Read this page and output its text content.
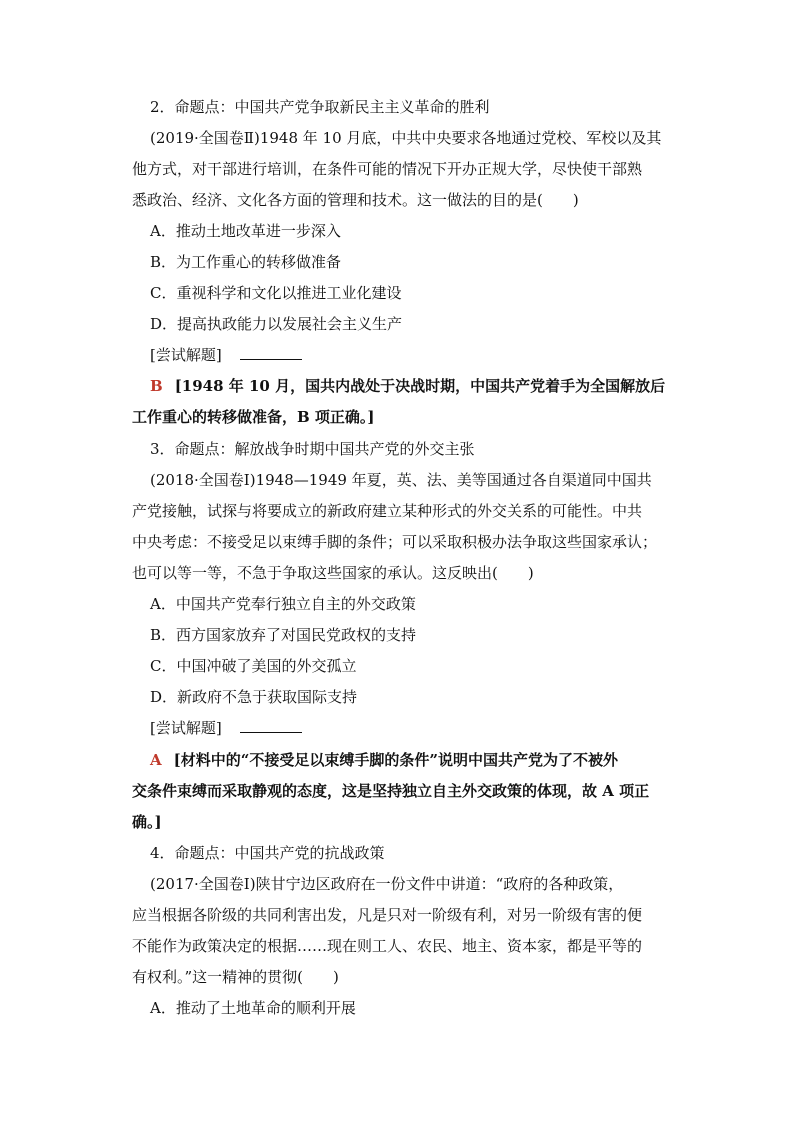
2．命题点：中国共产党争取新民主主义革命的胜利
(2019·全国卷Ⅱ)1948 年 10 月底，中共中央要求各地通过党校、军校以及其
他方式，对干部进行培训，在条件可能的情况下开办正规大学，尽快使干部熟
悉政治、经济、文化各方面的管理和技术。这一做法的目的是(　　)
A．推动土地改革进一步深入
B．为工作重心的转移做准备
C．重视科学和文化以推进工业化建设
D．提高执政能力以发展社会主义生产
[尝试解题]
B [1948 年 10 月，国共内战处于决战时期，中国共产党着手为全国解放后
工作重心的转移做准备，B 项正确。]
3．命题点：解放战争时期中国共产党的外交主张
(2018·全国卷Ⅰ)1948—1949 年夏，英、法、美等国通过各自渠道同中国共
产党接触，试探与将要成立的新政府建立某种形式的外交关系的可能性。中共
中央考虑：不接受足以束缚手脚的条件；可以采取积极办法争取这些国家承认；
也可以等一等，不急于争取这些国家的承认。这反映出(　　)
A．中国共产党奉行独立自主的外交政策
B．西方国家放弃了对国民党政权的支持
C．中国冲破了美国的外交孤立
D．新政府不急于获取国际支持
[尝试解题]
A [材料中的“不接受足以束缚手脚的条件”说明中国共产党为了不被外
交条件束缚而采取静观的态度，这是坚持独立自主外交政策的体现，故 A 项正
确。]
4．命题点：中国共产党的抗战政策
(2017·全国卷Ⅰ)陕甘宁边区政府在一份文件中讲道：“政府的各种政策，
应当根据各阶级的共同利害出发，凡是只对一阶级有利，对另一阶级有害的便
不能作为政策决定的根据……现在则工人、农民、地主、资本家，都是平等的
有权利。”这一精神的贯彻(　　)
A．推动了土地革命的顺利开展
